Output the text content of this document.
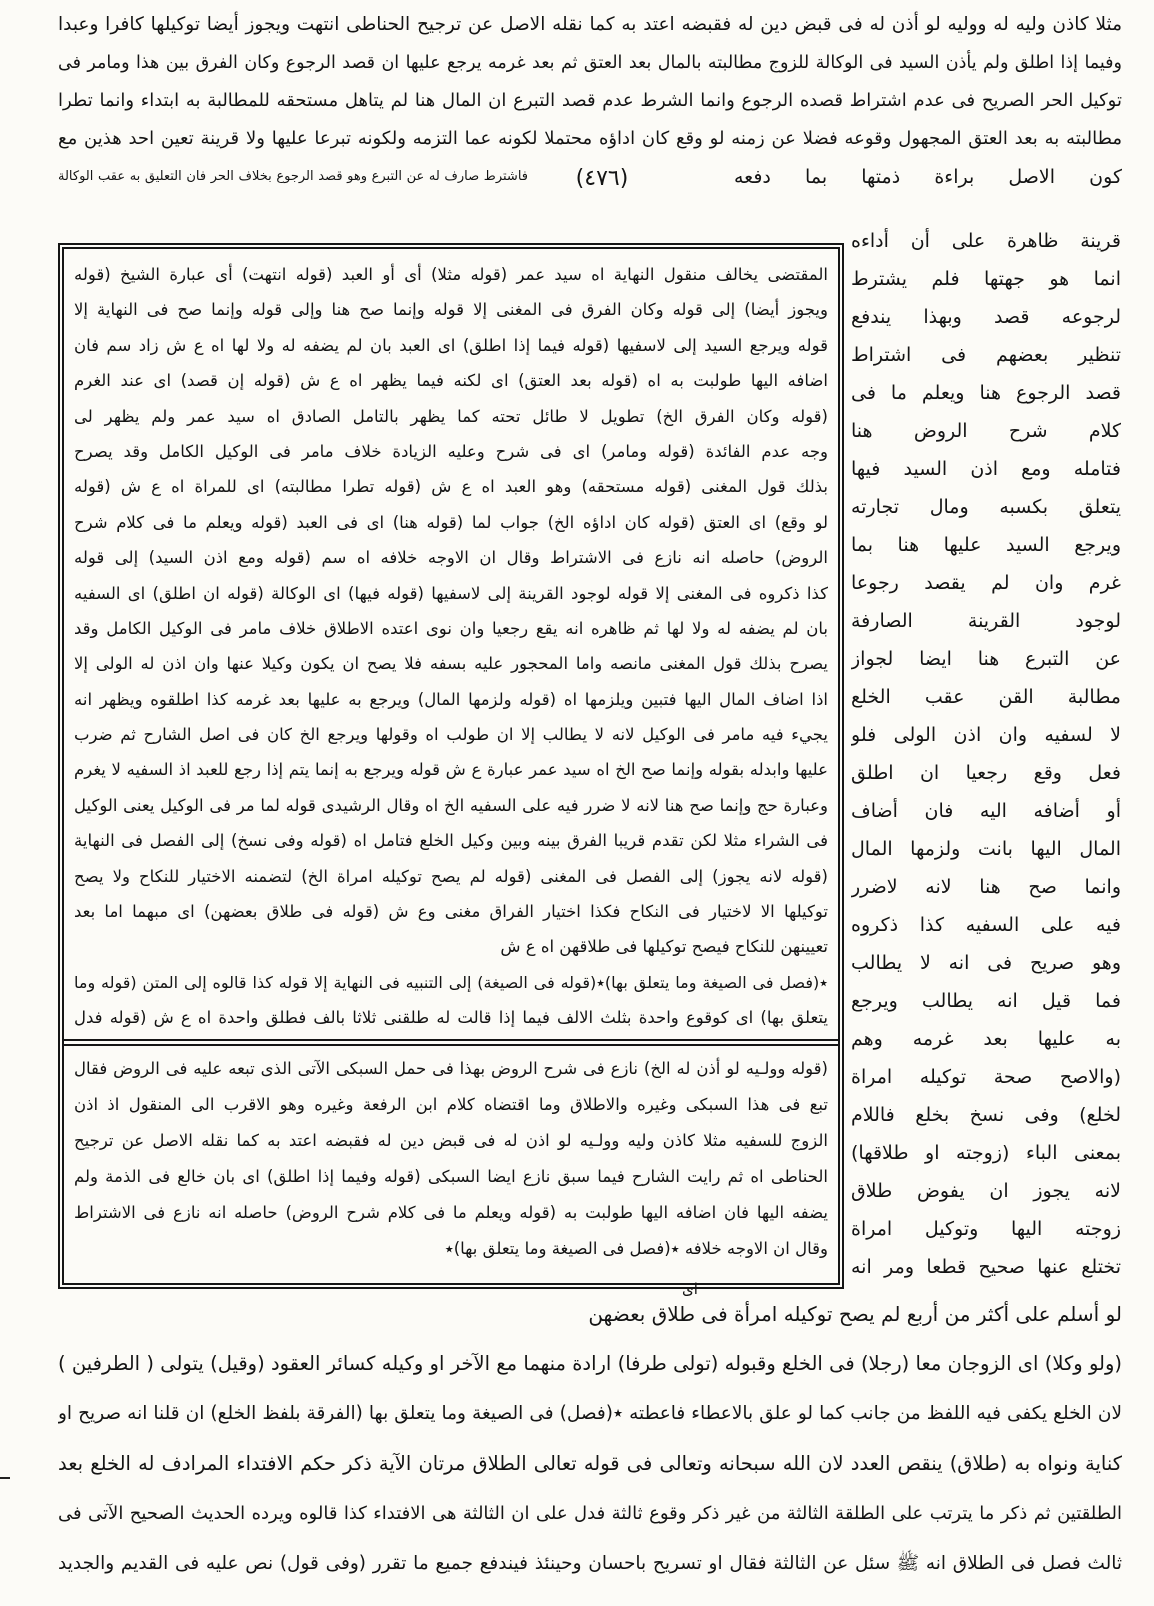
مثلا كاذن وليه له ووليه لو أذن له فى قبض دين له فقبضه اعتد به كما نقله الاصل عن ترجيح الحناطى انتهت ويجوز أيضا توكيلها كافرا وعبدا
وفيما إذا اطلق ولم يأذن السيد فى الوكالة للزوج مطالبته بالمال بعد العتق ثم بعد غرمه يرجع عليها ان قصد الرجوع وكان الفرق بين هذا ومامر فى
توكيل الحر الصريح فى عدم اشتراط قصده الرجوع وانما الشرط عدم قصد التبرع ان المال هنا لم يتاهل مستحقه للمطالبة به ابتداء وانما تطرا
مطالبته به بعد العتق المجهول وقوعه فضلا عن زمنه لو وقع كان اداؤه محتملا لكونه عما التزمه ولكونه تبرعا عليها ولا قرينة تعين احد هذين مع
كون الاصل براءة ذمتها بما دفعه
(٤٧٦)
فاشترط صارف له عن التبرع وهو قصد الرجوع بخلاف الحر فان التعليق به عقب الوكالة
قرينة ظاهرة على أن أداءه
انما هو جهتها فلم يشترط
لرجوعه قصد وبهذا يندفع
تنظير بعضهم فى اشتراط
قصد الرجوع هنا ويعلم ما فى
كلام شرح الروض هنا
فتامله ومع اذن السيد فيها
يتعلق بكسبه ومال تجارته
ويرجع السيد عليها هنا بما
غرم وان لم يقصد رجوعا
لوجود القرينة الصارفة
عن التبرع هنا ايضا لجواز
مطالبة القن عقب الخلع
لا لسفيه وان اذن الولى فلو
فعل وقع رجعيا ان اطلق
أو أضافه اليه فان أضاف
المال اليها بانت ولزمها المال
وانما صح هنا لانه لاضرر
فيه على السفيه كذا ذكروه
وهو صريح فى انه لا يطالب
فما قيل انه يطالب ويرجع
به عليها بعد غرمه وهم
(والاصح صحة توكيله امراة
لخلع) وفى نسخ بخلع فاللام
بمعنى الباء (زوجته او طلاقها)
لانه يجوز ان يفوض طلاق
زوجته اليها وتوكيل امراة
تختلع عنها صحيح قطعا ومر انه
المقتضى يخالف منقول النهاية اه سيد عمر (قوله مثلا) أى أو العبد (قوله انتهت) أى عبارة الشيخ (قوله
ويجوز أيضا) إلى قوله وكان الفرق فى المغنى إلا قوله وإنما صح هنا وإلى قوله وإنما صح فى النهاية إلا
قوله ويرجع السيد إلى لاسفيها (قوله فيما إذا اطلق) اى العبد بان لم يضفه له ولا لها اه ع ش زاد سم فان
اضافه اليها طولبت به اه (قوله بعد العتق) اى لكنه فيما يظهر اه ع ش (قوله إن قصد) اى عند الغرم
(قوله وكان الفرق الخ) تطويل لا طائل تحته كما يظهر بالتامل الصادق اه سيد عمر ولم يظهر لى
وجه عدم الفائدة (قوله ومامر) اى فى شرح وعليه الزيادة خلاف مامر فى الوكيل الكامل وقد يصرح
بذلك قول المغنى (قوله مستحقه) وهو العبد اه ع ش (قوله تطرا مطالبته) اى للمراة اه ع ش (قوله
لو وقع) اى العتق (قوله كان اداؤه الخ) جواب لما (قوله هنا) اى فى العبد (قوله ويعلم ما فى كلام شرح
الروض) حاصله انه نازع فى الاشتراط وقال ان الاوجه خلافه اه سم (قوله ومع اذن السيد) إلى قوله
كذا ذكروه فى المغنى إلا قوله لوجود القرينة إلى لاسفيها (قوله فيها) اى الوكالة (قوله ان اطلق) اى السفيه
بان لم يضفه له ولا لها ثم ظاهره انه يقع رجعيا وان نوى اعتده الاطلاق خلاف مامر فى الوكيل الكامل وقد
يصرح بذلك قول المغنى مانصه واما المحجور عليه بسفه فلا يصح ان يكون وكيلا عنها وان اذن له الولى إلا
اذا اضاف المال اليها فتبين ويلزمها اه (قوله ولزمها المال) ويرجع به عليها بعد غرمه كذا اطلقوه ويظهر انه
يجيء فيه مامر فى الوكيل لانه لا يطالب إلا ان طولب اه وقولها ويرجع الخ كان فى اصل الشارح ثم ضرب
عليها وابدله بقوله وإنما صح الخ اه سيد عمر عبارة ع ش قوله ويرجع به إنما يتم إذا رجع للعبد اذ السفيه لا يغرم
وعبارة حج وإنما صح هنا لانه لا ضرر فيه على السفيه الخ اه وقال الرشيدى قوله لما مر فى الوكيل يعنى الوكيل
فى الشراء مثلا لكن تقدم قريبا الفرق بينه وبين وكيل الخلع فتامل اه (قوله وفى نسخ) إلى الفصل فى النهاية
(قوله لانه يجوز) إلى الفصل فى المغنى (قوله لم يصح توكيله امراة الخ) لتضمنه الاختيار للنكاح ولا يصح
توكيلها الا لاختيار فى النكاح فكذا اختيار الفراق مغنى وع ش (قوله فى طلاق بعضهن) اى مبهما اما بعد
تعيينهن للنكاح فيصح توكيلها فى طلاقهن اه ع ش
٭(فصل فى الصيغة وما يتعلق بها)٭(قوله فى الصيغة) إلى التنبيه فى النهاية إلا قوله كذا قالوه إلى المتن (قوله وما
يتعلق بها) اى كوقوع واحدة بثلث الالف فيما إذا قالت له طلقنى ثلاثا بالف فطلق واحدة اه ع ش (قوله فدل
(قوله وولـيه لو أذن له الخ) نازع فى شرح الروض بهذا فى حمل السبكى الآتى الذى تبعه عليه فى الروض فقال
تبع فى هذا السبكى وغيره والاطلاق وما اقتضاه كلام ابن الرفعة وغيره وهو الاقرب الى المنقول اذ اذن
الزوج للسفيه مثلا كاذن وليه وولـيه لو اذن له فى قبض دين له فقبضه اعتد به كما نقله الاصل عن ترجيح
الحناطى اه ثم رايت الشارح فيما سبق نازع ايضا السبكى (قوله وفيما إذا اطلق) اى بان خالع فى الذمة ولم
يضفه اليها فان اضافه اليها طولبت به (قوله ويعلم ما فى كلام شرح الروض) حاصله انه نازع فى الاشتراط
وقال ان الاوجه خلافه ٭(فصل فى الصيغة وما يتعلق بها)٭
اى
لو أسلم على أكثر من أربع لم يصح توكيله امرأة فى طلاق بعضهن
(ولو وكلا) اى الزوجان معا (رجلا) فى الخلع وقبوله (تولى طرفا) ارادة منهما مع الآخر او وكيله كسائر العقود (وقيل) يتولى ( الطرفين )
لان الخلع يكفى فيه اللفظ من جانب كما لو علق بالاعطاء فاعطته ٭(فصل) فى الصيغة وما يتعلق بها (الفرقة بلفظ الخلع) ان قلنا انه صريح او
كناية ونواه به (طلاق) ينقص العدد لان الله سبحانه وتعالى فى قوله تعالى الطلاق مرتان الآية ذكر حكم الافتداء المرادف له الخلع بعد
الطلقتين ثم ذكر ما يترتب على الطلقة الثالثة من غير ذكر وقوع ثالثة فدل على ان الثالثة هى الافتداء كذا قالوه ويرده الحديث الصحيح الآتى فى
ثالث فصل فى الطلاق انه ﷺ سئل عن الثالثة فقال او تسريح باحسان وحينئذ فيندفع جميع ما تقرر (وفى قول) نص عليه فى القديم والجديد
